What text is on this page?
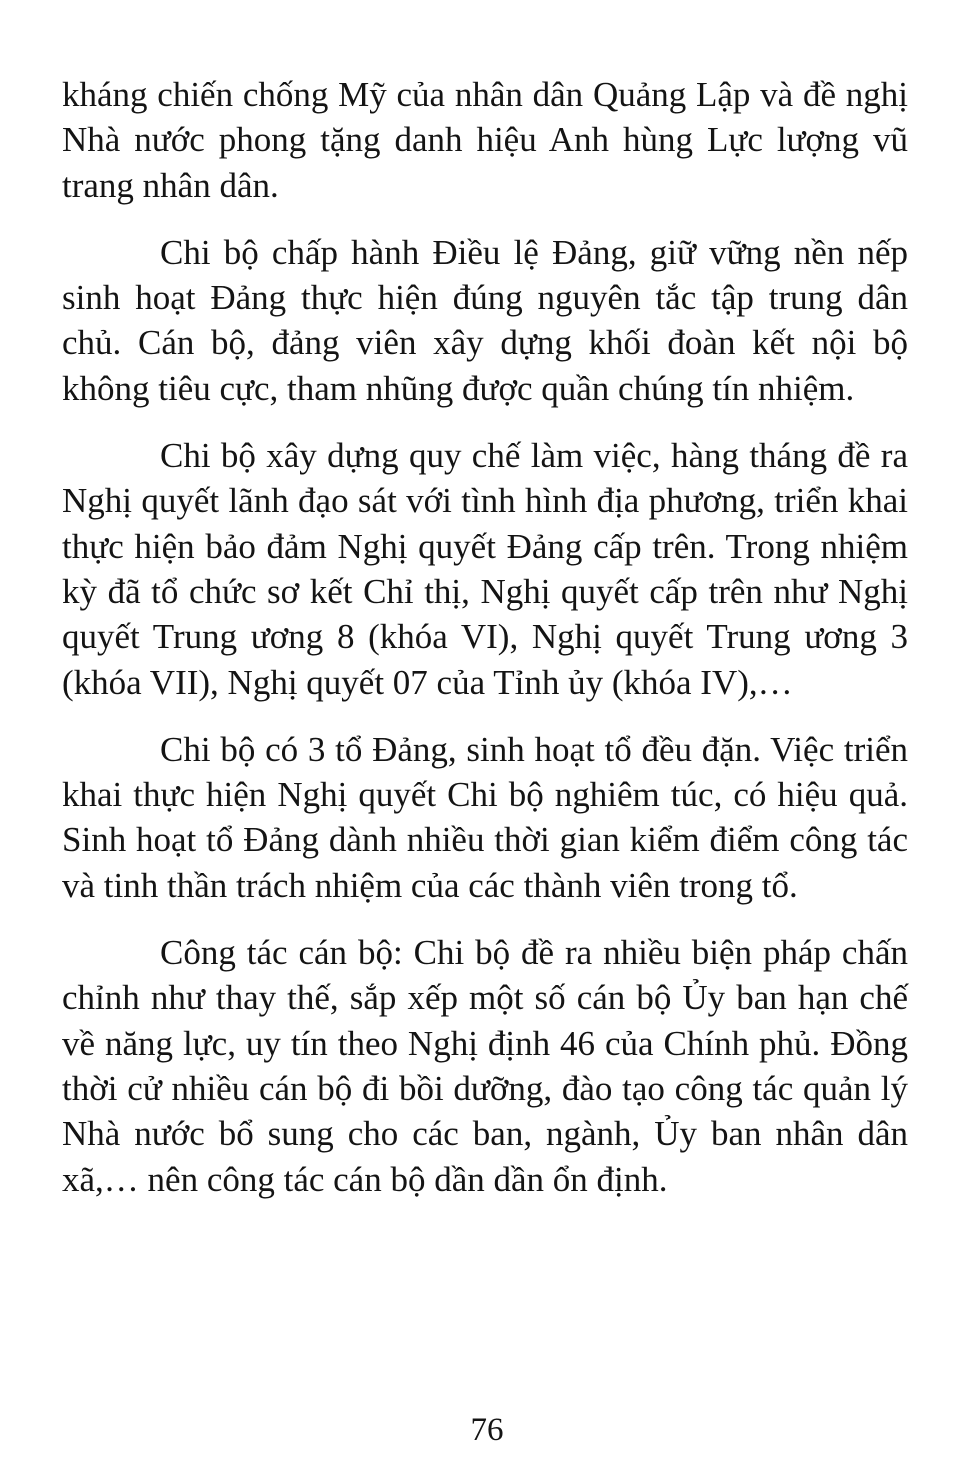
kháng chiến chống Mỹ của nhân dân Quảng Lập và đề nghị Nhà nước phong tặng danh hiệu Anh hùng Lực lượng vũ trang nhân dân.

Chi bộ chấp hành Điều lệ Đảng, giữ vững nền nếp sinh hoạt Đảng thực hiện đúng nguyên tắc tập trung dân chủ. Cán bộ, đảng viên xây dựng khối đoàn kết nội bộ không tiêu cực, tham nhũng được quần chúng tín nhiệm.

Chi bộ xây dựng quy chế làm việc, hàng tháng đề ra Nghị quyết lãnh đạo sát với tình hình địa phương, triển khai thực hiện bảo đảm Nghị quyết Đảng cấp trên. Trong nhiệm kỳ đã tổ chức sơ kết Chỉ thị, Nghị quyết cấp trên như Nghị quyết Trung ương 8 (khóa VI), Nghị quyết Trung ương 3 (khóa VII), Nghị quyết 07 của Tỉnh ủy (khóa IV),…

Chi bộ có 3 tổ Đảng, sinh hoạt tổ đều đặn. Việc triển khai thực hiện Nghị quyết Chi bộ nghiêm túc, có hiệu quả. Sinh hoạt tổ Đảng dành nhiều thời gian kiểm điểm công tác và tinh thần trách nhiệm của các thành viên trong tổ.

Công tác cán bộ: Chi bộ đề ra nhiều biện pháp chấn chỉnh như thay thế, sắp xếp một số cán bộ Ủy ban hạn chế về năng lực, uy tín theo Nghị định 46 của Chính phủ. Đồng thời cử nhiều cán bộ đi bồi dưỡng, đào tạo công tác quản lý Nhà nước bổ sung cho các ban, ngành, Ủy ban nhân dân xã,… nên công tác cán bộ dần dần ổn định.

76
